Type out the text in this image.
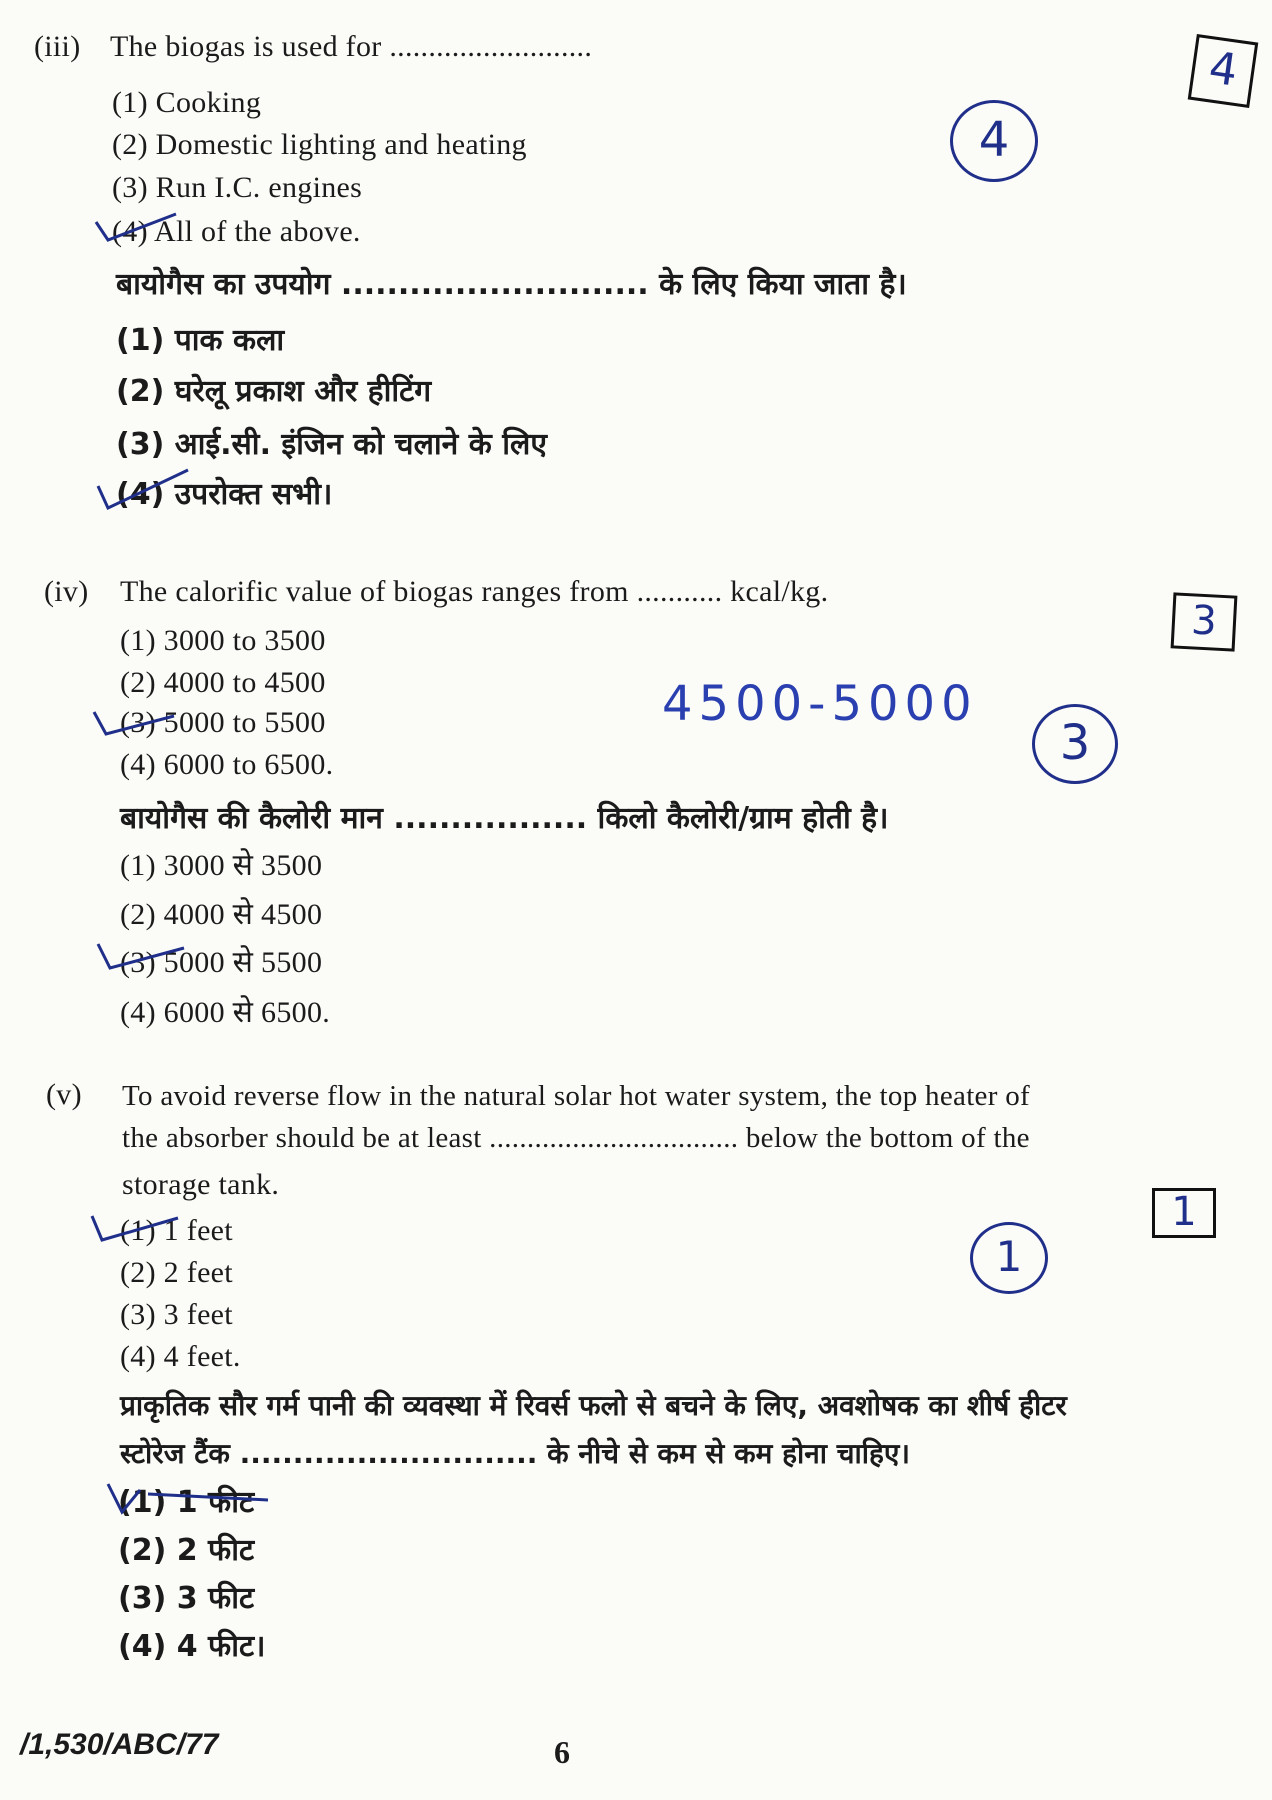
(iii) The biogas is used for ..........................
(1) Cooking
(2) Domestic lighting and heating
(3) Run I.C. engines
(4) All of the above.
बायोगैस का उपयोग ........................... के लिए किया जाता है।
(1) पाक कला
(2) घरेलू प्रकाश और हीटिंग
(3) आई.सी. इंजिन को चलाने के लिए
(4) उपरोक्त सभी।
4
4
(iv) The calorific value of biogas ranges from ........... kcal/kg.
(1) 3000 to 3500
(2) 4000 to 4500
(3) 5000 to 5500
(4) 6000 to 6500.
बायोगैस की कैलोरी मान ................. किलो कैलोरी/ग्राम होती है।
(1) 3000 से 3500
(2) 4000 से 4500
(3) 5000 से 5500
(4) 6000 से 6500.
4500-5000
3
3
(v) To avoid reverse flow in the natural solar hot water system, the top heater of
the absorber should be at least ................................. below the bottom of the
storage tank.
(1) 1 feet
(2) 2 feet
(3) 3 feet
(4) 4 feet.
प्राकृतिक सौर गर्म पानी की व्यवस्था में रिवर्स फलो से बचने के लिए, अवशोषक का शीर्ष हीटर
स्टोरेज टैंक ............................ के नीचे से कम से कम होना चाहिए।
(1) 1 फीट
(2) 2 फीट
(3) 3 फीट
(4) 4 फीट।
1
1
/1,530/ABC/77	6
